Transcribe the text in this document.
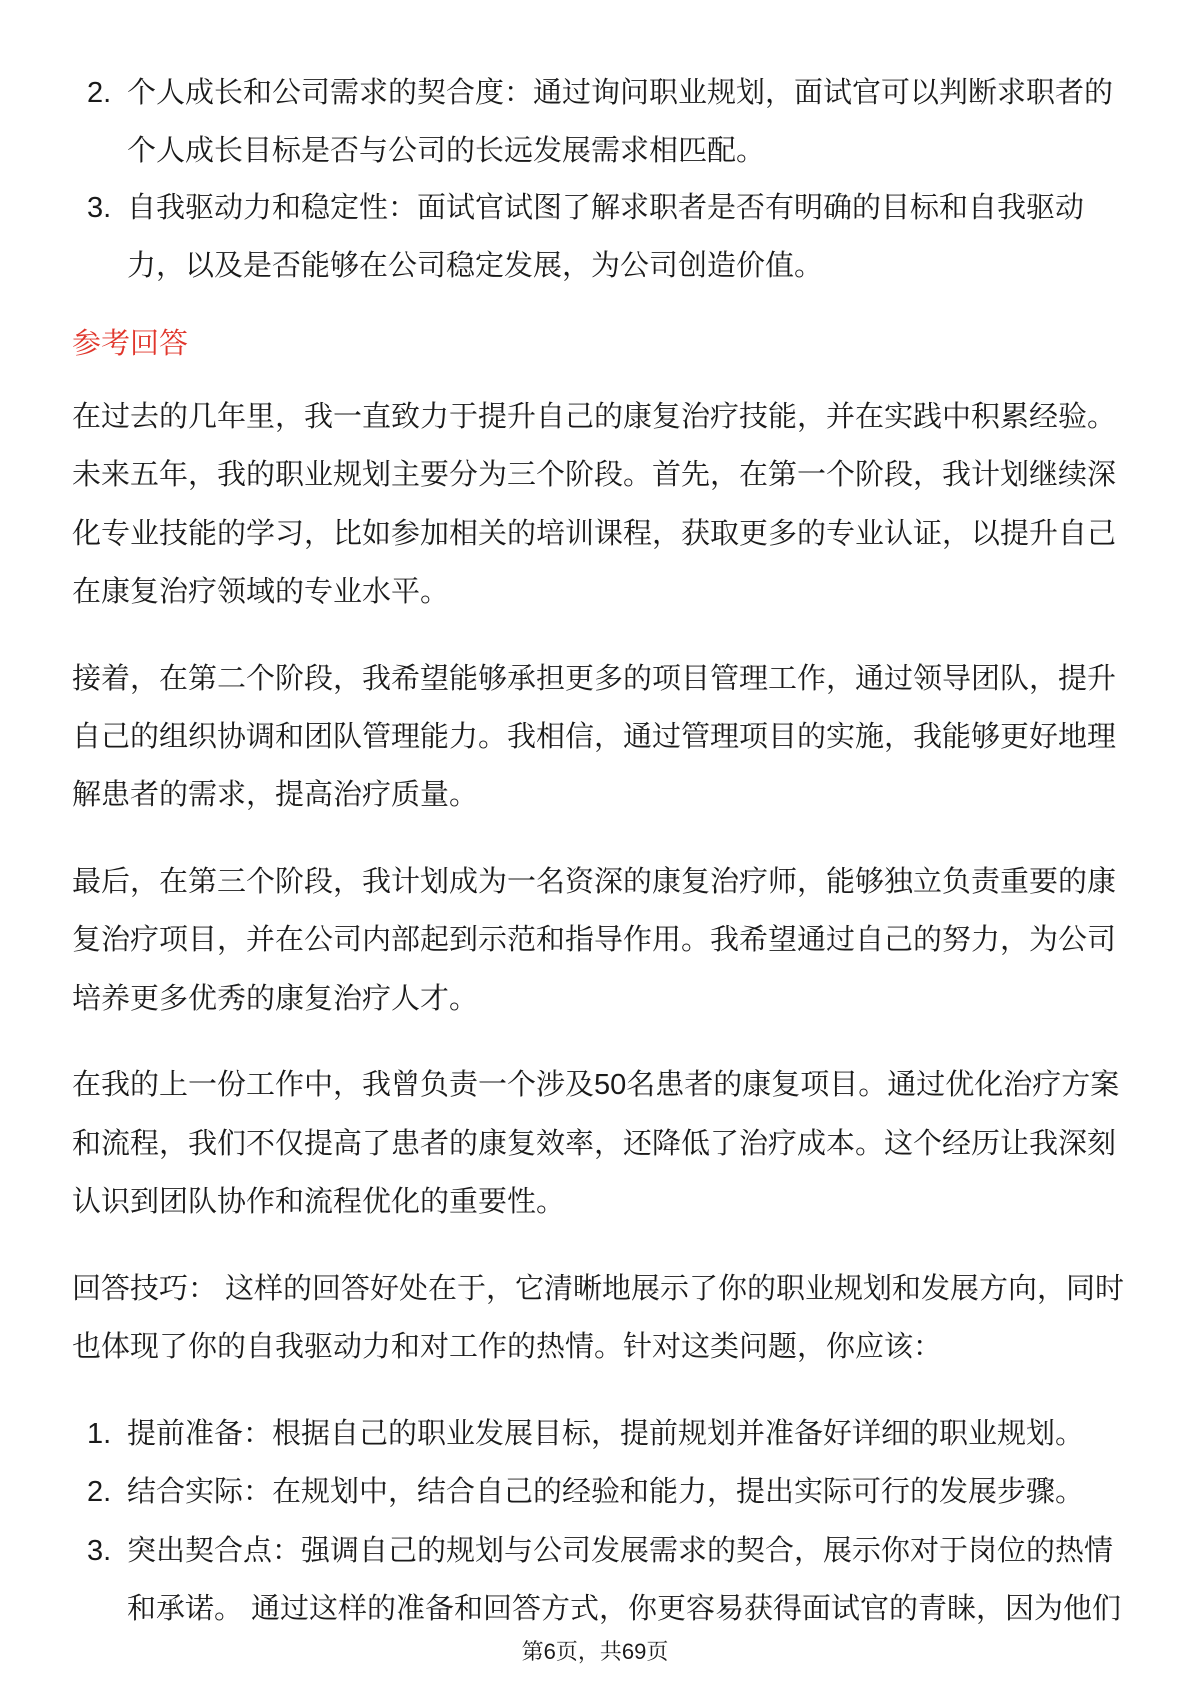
2. 个人成长和公司需求的契合度：通过询问职业规划，面试官可以判断求职者的
个人成长目标是否与公司的长远发展需求相匹配。
3. 自我驱动力和稳定性：面试官试图了解求职者是否有明确的目标和自我驱动
力，以及是否能够在公司稳定发展，为公司创造价值。
参考回答
在过去的几年里，我一直致力于提升自己的康复治疗技能，并在实践中积累经验。
未来五年，我的职业规划主要分为三个阶段。首先，在第一个阶段，我计划继续深
化专业技能的学习，比如参加相关的培训课程，获取更多的专业认证，以提升自己
在康复治疗领域的专业水平。
接着，在第二个阶段，我希望能够承担更多的项目管理工作，通过领导团队，提升
自己的组织协调和团队管理能力。我相信，通过管理项目的实施，我能够更好地理
解患者的需求，提高治疗质量。
最后，在第三个阶段，我计划成为一名资深的康复治疗师，能够独立负责重要的康
复治疗项目，并在公司内部起到示范和指导作用。我希望通过自己的努力，为公司
培养更多优秀的康复治疗人才。
在我的上一份工作中，我曾负责一个涉及50名患者的康复项目。通过优化治疗方案
和流程，我们不仅提高了患者的康复效率，还降低了治疗成本。这个经历让我深刻
认识到团队协作和流程优化的重要性。
回答技巧： 这样的回答好处在于，它清晰地展示了你的职业规划和发展方向，同时
也体现了你的自我驱动力和对工作的热情。针对这类问题，你应该：
1. 提前准备：根据自己的职业发展目标，提前规划并准备好详细的职业规划。
2. 结合实际：在规划中，结合自己的经验和能力，提出实际可行的发展步骤。
3. 突出契合点：强调自己的规划与公司发展需求的契合，展示你对于岗位的热情
和承诺。 通过这样的准备和回答方式，你更容易获得面试官的青睐，因为他们
第6页，共69页
